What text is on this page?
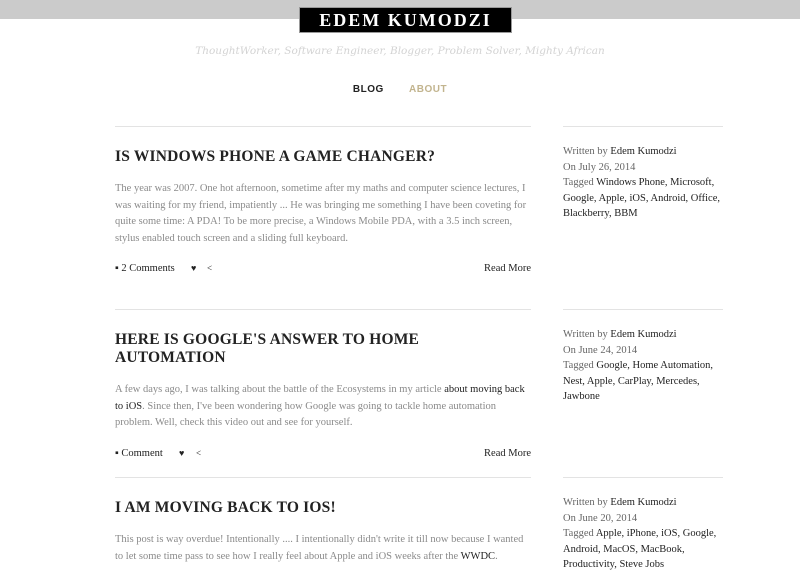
EDEM KUMODZI
ThoughtWorker, Software Engineer, Blogger, Problem Solver, Mighty African
BLOG	ABOUT
IS WINDOWS PHONE A GAME CHANGER?
The year was 2007. One hot afternoon, sometime after my maths and computer science lectures, I was waiting for my friend, impatiently ... He was bringing me something I have been coveting for quite some time: A PDA! To be more precise, a Windows Mobile PDA, with a 3.5 inch screen, stylus enabled touch screen and a sliding full keyboard.
▪ 2 Comments ♥ <	Read More
Written by Edem Kumodzi
On July 26, 2014
Tagged Windows Phone, Microsoft, Google, Apple, iOS, Android, Office, Blackberry, BBM
HERE IS GOOGLE'S ANSWER TO HOME AUTOMATION
A few days ago, I was talking about the battle of the Ecosystems in my article about moving back to iOS. Since then, I've been wondering how Google was going to tackle home automation problem. Well, check this video out and see for yourself.
▪ Comment ♥ <	Read More
Written by Edem Kumodzi
On June 24, 2014
Tagged Google, Home Automation, Nest, Apple, CarPlay, Mercedes, Jawbone
I AM MOVING BACK TO IOS!
This post is way overdue! Intentionally .... I intentionally didn't write it till now because I wanted to let some time pass to see how I really feel about Apple and iOS weeks after the WWDC.
Written by Edem Kumodzi
On June 20, 2014
Tagged Apple, iPhone, iOS, Google, Android, MacOS, MacBook, Productivity, Steve Jobs
